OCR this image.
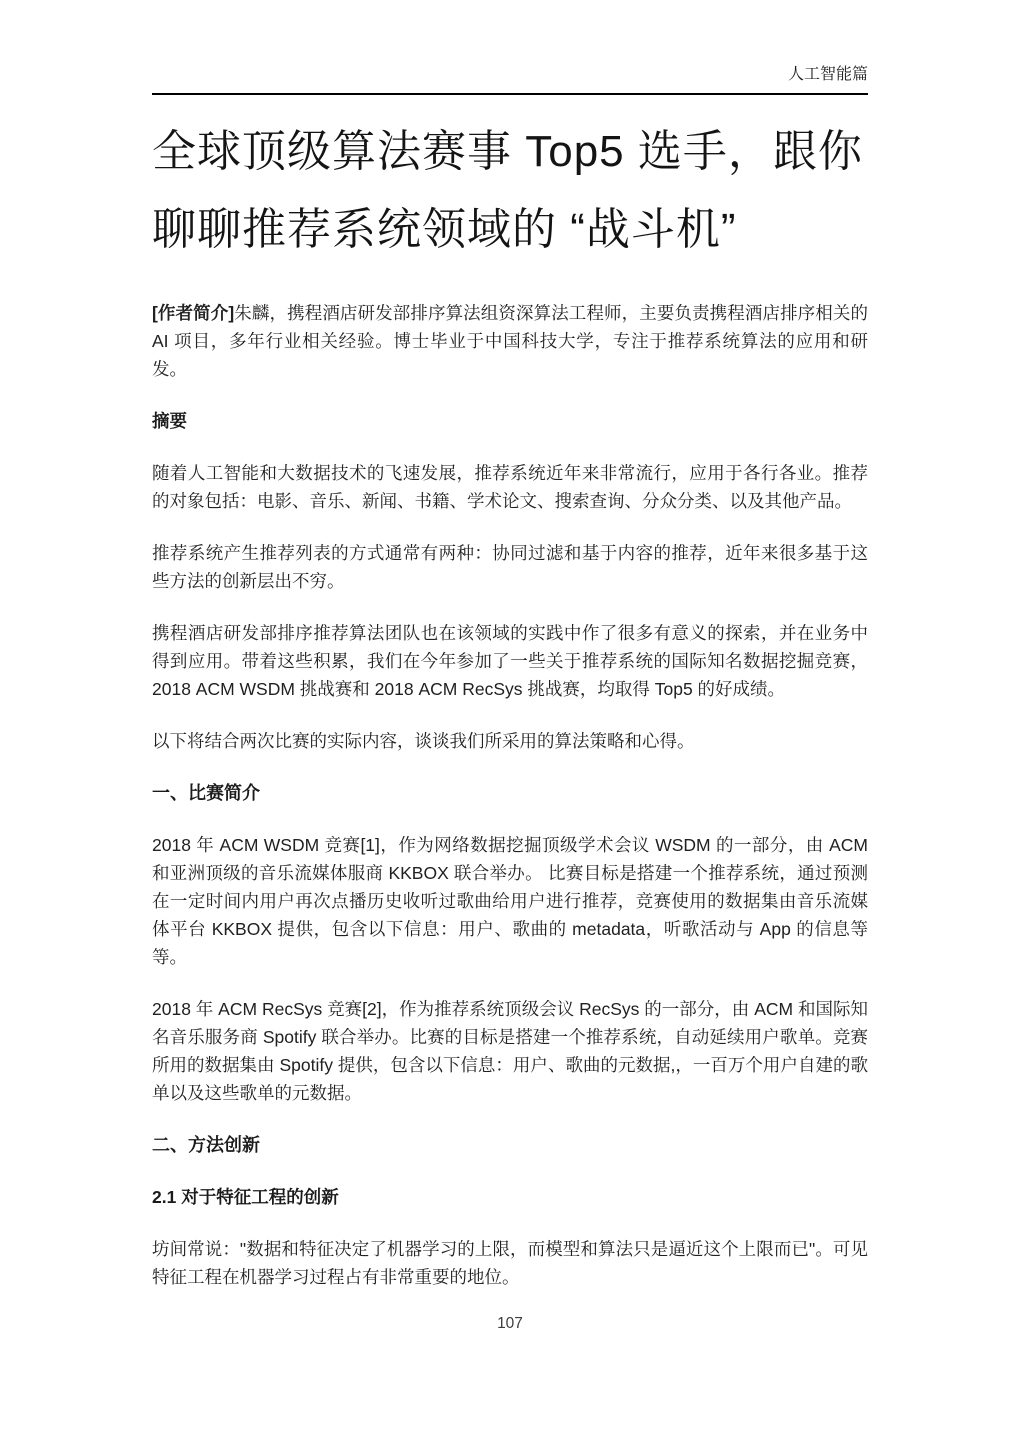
人工智能篇
全球顶级算法赛事 Top5 选手，跟你
聊聊推荐系统领域的 “战斗机”

[作者简介]朱麟，携程酒店研发部排序算法组资深算法工程师，主要负责携程酒店排序相关的 AI 项目，多年行业相关经验。博士毕业于中国科技大学，专注于推荐系统算法的应用和研发。

摘要

随着人工智能和大数据技术的飞速发展，推荐系统近年来非常流行，应用于各行各业。推荐的对象包括：电影、音乐、新闻、书籍、学术论文、搜索查询、分众分类、以及其他产品。

推荐系统产生推荐列表的方式通常有两种：协同过滤和基于内容的推荐，近年来很多基于这些方法的创新层出不穷。

携程酒店研发部排序推荐算法团队也在该领域的实践中作了很多有意义的探索，并在业务中得到应用。带着这些积累，我们在今年参加了一些关于推荐系统的国际知名数据挖掘竞赛，2018 ACM WSDM 挑战赛和 2018 ACM RecSys 挑战赛，均取得 Top5 的好成绩。

以下将结合两次比赛的实际内容，谈谈我们所采用的算法策略和心得。

一、比赛简介

2018 年 ACM WSDM 竞赛[1]，作为网络数据挖掘顶级学术会议 WSDM 的一部分，由 ACM 和亚洲顶级的音乐流媒体服商 KKBOX 联合举办。 比赛目标是搭建一个推荐系统，通过预测在一定时间内用户再次点播历史收听过歌曲给用户进行推荐，竞赛使用的数据集由音乐流媒体平台 KKBOX 提供，包含以下信息：用户、歌曲的 metadata，听歌活动与 App 的信息等等。

2018 年 ACM RecSys 竞赛[2]，作为推荐系统顶级会议 RecSys 的一部分，由 ACM 和国际知名音乐服务商 Spotify 联合举办。比赛的目标是搭建一个推荐系统，自动延续用户歌单。竞赛所用的数据集由 Spotify 提供，包含以下信息：用户、歌曲的元数据,，一百万个用户自建的歌单以及这些歌单的元数据。

二、方法创新
2.1 对于特征工程的创新

坊间常说："数据和特征决定了机器学习的上限，而模型和算法只是逼近这个上限而已"。可见特征工程在机器学习过程占有非常重要的地位。

107
